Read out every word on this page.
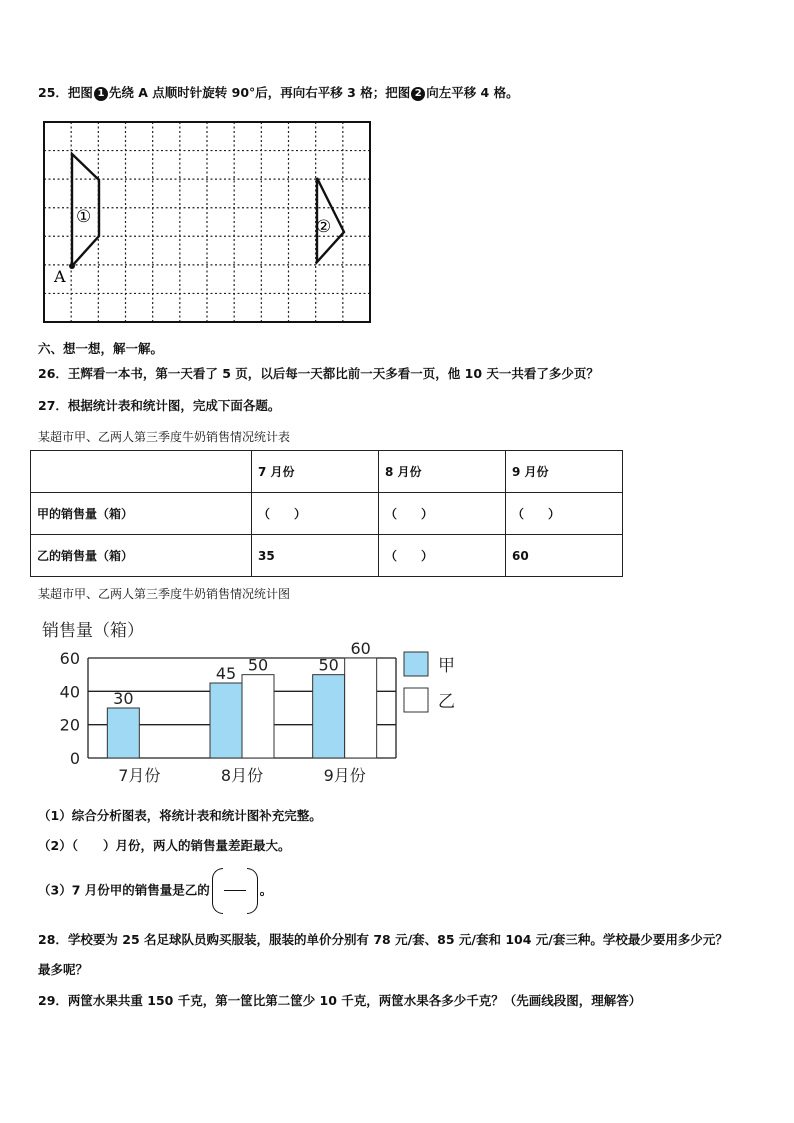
25．把图 1 先绕 A 点顺时针旋转 90°后，再向右平移 3 格；把图 2 向左平移 4 格。
①	②
A
六、想一想，解一解。
26．王辉看一本书，第一天看了 5 页，以后每一天都比前一天多看一页，他 10 天一共看了多少页？
27．根据统计表和统计图，完成下面各题。
某超市甲、乙两人第三季度牛奶销售情况统计表
	7 月份	8 月份	9 月份
甲的销售量（箱）	（　　）	（　　）	（　　）
乙的销售量（箱）	35	（　　）	60
某超市甲、乙两人第三季度牛奶销售情况统计图
销售量（箱）
0
20
40
60
7月份
30
8月份
45 50
9月份
50
60
甲
乙
（1）综合分析图表，将统计表和统计图补充完整。
（2）（　　）月份，两人的销售量差距最大。
（3）7 月份甲的销售量是乙的	。
28．学校要为 25 名足球队员购买服装，服装的单价分别有 78 元/套、85 元/套和 104 元/套三种。学校最少要用多少元？
最多呢？
29．两筐水果共重 150 千克，第一筐比第二筐少 10 千克，两筐水果各多少千克？（先画线段图，理解答）
